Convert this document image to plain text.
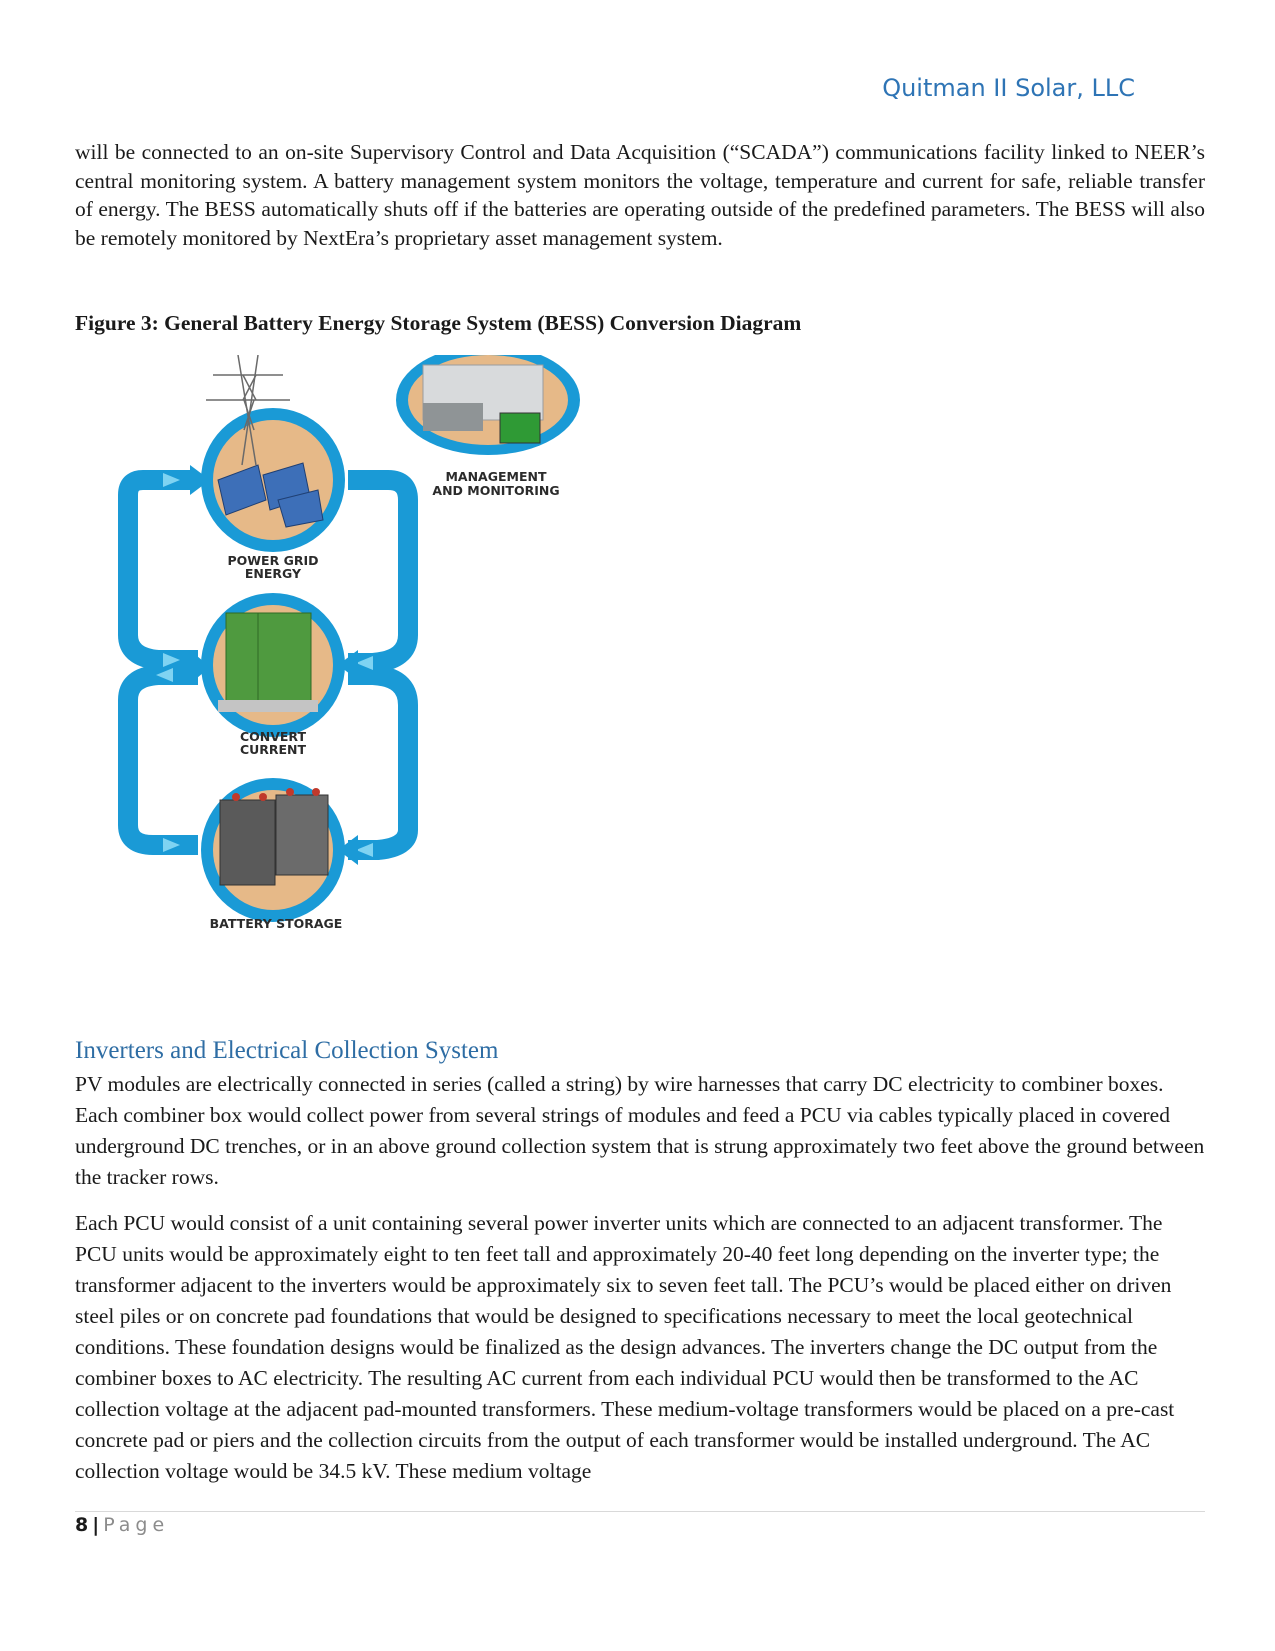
Quitman II Solar, LLC

will be connected to an on-site Supervisory Control and Data Acquisition (“SCADA”) communications facility linked to NEER’s central monitoring system. A battery management system monitors the voltage, temperature and current for safe, reliable transfer of energy. The BESS automatically shuts off if the batteries are operating outside of the predefined parameters. The BESS will also be remotely monitored by NextEra’s proprietary asset management system.

Figure 3: General Battery Energy Storage System (BESS) Conversion Diagram

MANAGEMENT
AND MONITORING
POWER GRID
ENERGY
CONVERT
CURRENT
BATTERY STORAGE
Inverters and Electrical Collection System

PV modules are electrically connected in series (called a string) by wire harnesses that carry DC electricity to combiner boxes. Each combiner box would collect power from several strings of modules and feed a PCU via cables typically placed in covered underground DC trenches, or in an above ground collection system that is strung approximately two feet above the ground between the tracker rows.

Each PCU would consist of a unit containing several power inverter units which are connected to an adjacent transformer. The PCU units would be approximately eight to ten feet tall and approximately 20-40 feet long depending on the inverter type; the transformer adjacent to the inverters would be approximately six to seven feet tall. The PCU’s would be placed either on driven steel piles or on concrete pad foundations that would be designed to specifications necessary to meet the local geotechnical conditions. These foundation designs would be finalized as the design advances. The inverters change the DC output from the combiner boxes to AC electricity. The resulting AC current from each individual PCU would then be transformed to the AC collection voltage at the adjacent pad-mounted transformers. These medium-voltage transformers would be placed on a pre-cast concrete pad or piers and the collection circuits from the output of each transformer would be installed underground. The AC collection voltage would be 34.5 kV. These medium voltage

8 | Page
